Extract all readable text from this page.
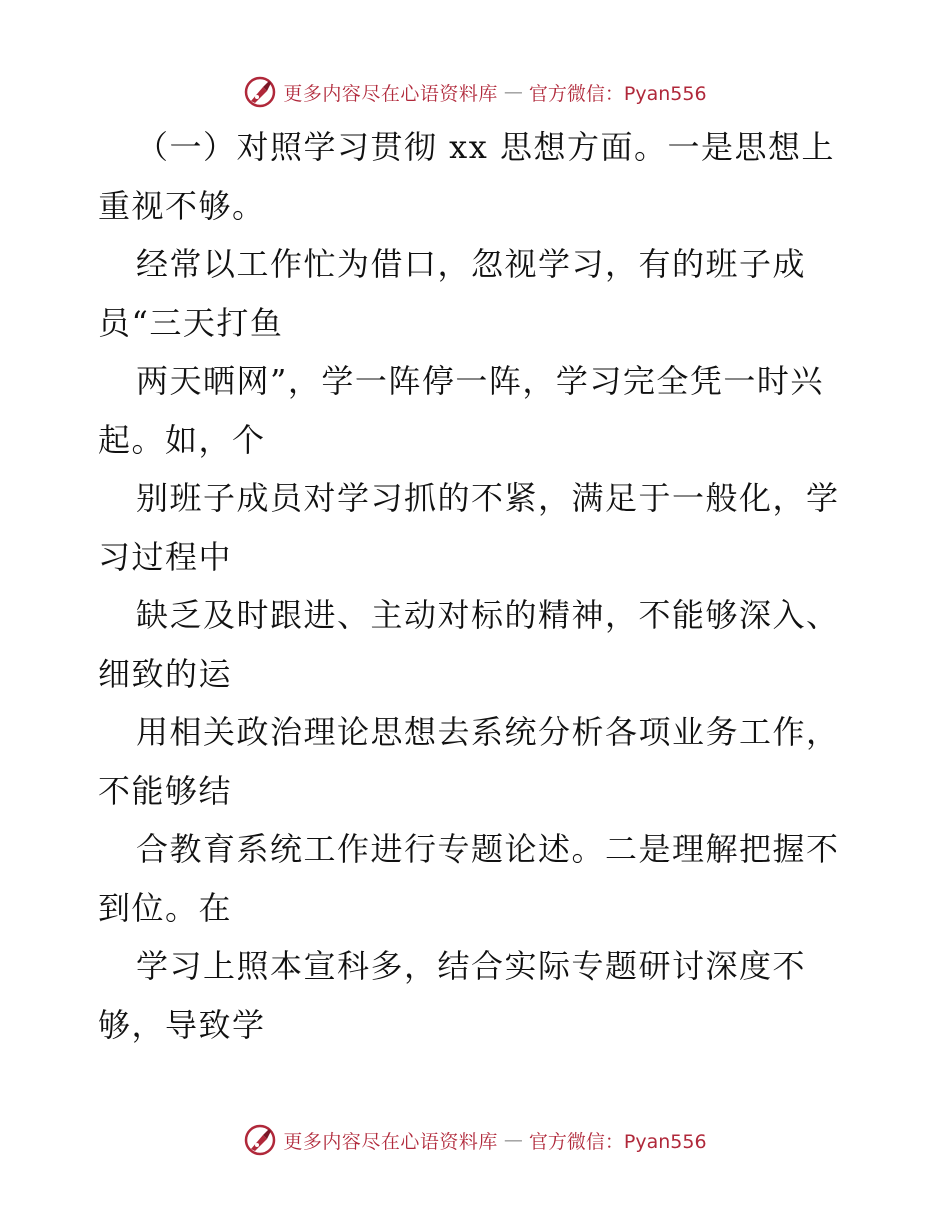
更多内容尽在心语资料库 — 官方微信：Pyan556
（一）对照学习贯彻 xx 思想方面。一是思想上
重视不够。
经常以工作忙为借口，忽视学习，有的班子成
员“三天打鱼
两天晒网”，学一阵停一阵，学习完全凭一时兴
起。如，个
别班子成员对学习抓的不紧，满足于一般化，学
习过程中
缺乏及时跟进、主动对标的精神，不能够深入、
细致的运
用相关政治理论思想去系统分析各项业务工作，
不能够结
合教育系统工作进行专题论述。二是理解把握不
到位。在
学习上照本宣科多，结合实际专题研讨深度不
够，导致学
更多内容尽在心语资料库 — 官方微信：Pyan556
